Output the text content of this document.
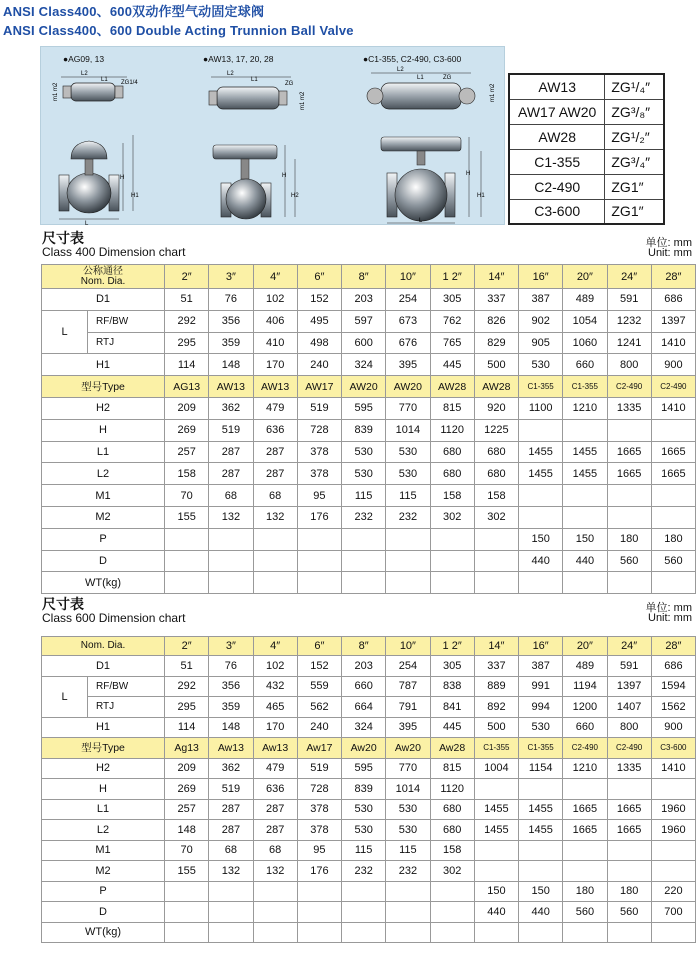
ANSI Class400、600双动作型气动固定球阀
ANSI Class400、600 Double Acting Trunnion Ball Valve
●AG09, 13	●AW13, 17, 20, 28	●C1-355, C2-490, C3-600
L2
L1 ZG1/4
m1 m2
H
H1
L
L2
L1
ZG
m1 m2
H
H2
L2
L1	ZG
m1 m2
H
H1
L
AW13	ZG¹/₄″
AW17 AW20	ZG³/₈″
AW28	ZG¹/₂″
C1-355	ZG³/₄″
C2-490	ZG1″
C3-600	ZG1″
尺寸表
Class 400 Dimension chart
单位: mm
Unit: mm
公称通径
Nom. Dia.		2″	3″	4″	6″	8″	10″	1 2″	14″	16″	20″	24″	28″
D1		51	76	102	152	203	254	305	337	387	489	591	686
L	RF/BW	292	356	406	495	597	673	762	826	902	1054	1232	1397
	RTJ	295	359	410	498	600	676	765	829	905	1060	1241	1410
H1		114	148	170	240	324	395	445	500	530	660	800	900
型号Type		AG13	AW13	AW13	AW17	AW20	AW20	AW28	AW28	C1-355	C1-355	C2-490	C2-490
H2		209	362	479	519	595	770	815	920	1100	1210	1335	1410
H		269	519	636	728	839	1014	1120	1225				
L1		257	287	287	378	530	530	680	680	1455	1455	1665	1665
L2		158	287	287	378	530	530	680	680	1455	1455	1665	1665
M1		70	68	68	95	115	115	158	158				
M2		155	132	132	176	232	232	302	302				
P										150	150	180	180
D										440	440	560	560
WT(kg)													
尺寸表
Class 600 Dimension chart
单位: mm
Unit: mm
Nom. Dia.		2″	3″	4″	6″	8″	10″	1 2″	14″	16″	20″	24″	28″
D1		51	76	102	152	203	254	305	337	387	489	591	686
L	RF/BW	292	356	432	559	660	787	838	889	991	1194	1397	1594
	RTJ	295	359	465	562	664	791	841	892	994	1200	1407	1562
H1		114	148	170	240	324	395	445	500	530	660	800	900
型号Type		Ag13	Aw13	Aw13	Aw17	Aw20	Aw20	Aw28	C1-355	C1-355	C2-490	C2-490	C3-600
H2		209	362	479	519	595	770	815	1004	1154	1210	1335	1410
H		269	519	636	728	839	1014	1120					
L1		257	287	287	378	530	530	680	1455	1455	1665	1665	1960
L2		148	287	287	378	530	530	680	1455	1455	1665	1665	1960
M1		70	68	68	95	115	115	158					
M2		155	132	132	176	232	232	302					
P									150	150	180	180	220
D									440	440	560	560	700
WT(kg)													
